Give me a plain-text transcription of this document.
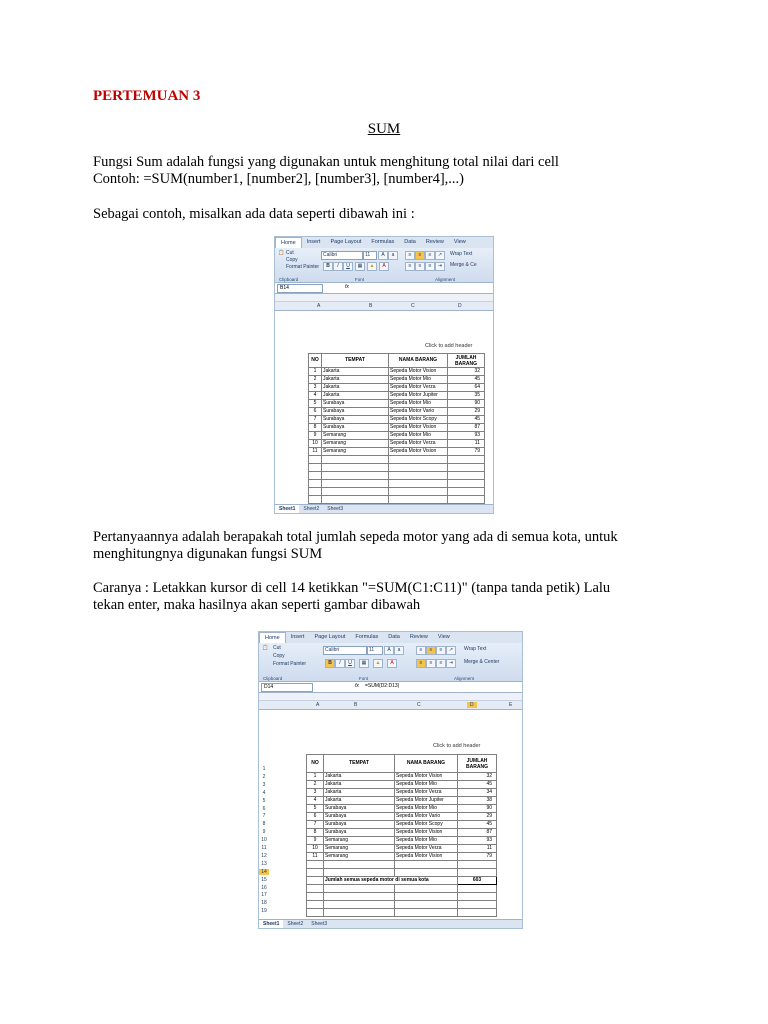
PERTEMUAN 3
SUM
Fungsi Sum adalah fungsi yang digunakan untuk menghitung total nilai dari cell
Contoh: =SUM(number1, [number2], [number3], [number4],...)
Sebagai contoh, misalkan ada data seperti dibawah ini :
Home	Insert	Page Layout	Formulas	Data	Review	View
📋 Cut
Copy
Format Painter
Clipboard
Calibri	11	A	a
B	I	U	▦	▲	A
Font
≡	≡	≡	↗
≡	≡	≡	⇥
Wrap Text
Merge & Ce
Alignment
B14	fx
A	B	C	D
Click to add header
NO	TEMPAT	NAMA BARANG	JUMLAH BARANG
1	Jakarta	Sepeda Motor Vision	32
2	Jakarta	Sepeda Motor Mio	45
3	Jakarta	Sepeda Motor Verza	64
4	Jakarta	Sepeda Motor Jupiter	35
5	Surabaya	Sepeda Motor Mio	90
6	Surabaya	Sepeda Motor Vario	29
7	Surabaya	Sepeda Motor Scopy	45
8	Surabaya	Sepeda Motor Vision	87
9	Semarang	Sepeda Motor Mio	93
10	Semarang	Sepeda Motor Verza	11
11	Semarang	Sepeda Motor Vision	79

Sheet1	Sheet2	Sheet3
Pertanyaannya adalah berapakah total jumlah sepeda motor yang ada di semua kota, untuk
menghitungnya digunakan fungsi SUM
Caranya : Letakkan kursor di cell 14 ketikkan "=SUM(C1:C11)" (tanpa tanda petik) Lalu
tekan enter, maka hasilnya akan seperti gambar dibawah
Home	Insert	Page Layout	Formulas	Data	Review	View
📋 Cut
Copy
Format Painter
Clipboard
Calibri	11	A	a
B	I	U	▦	▲	A
Font
≡	≡	≡	↗
≡	≡	≡	⇥
Wrap Text
Merge & Center
Alignment
D14	fx =SUM(D2:D13)
A	B	C	D	E
Click to add header
1
2
3
4
5
6
7
8
9
10
11
12
13
14
15
16
17
18
19
NO	TEMPAT	NAMA BARANG	JUMLAH BARANG
1	Jakarta	Sepeda Motor Vision	32
2	Jakarta	Sepeda Motor Mio	45
3	Jakarta	Sepeda Motor Verza	34
4	Jakarta	Sepeda Motor Jupiter	38
5	Surabaya	Sepeda Motor Mio	90
6	Surabaya	Sepeda Motor Vario	29
7	Surabaya	Sepeda Motor Scopy	45
8	Surabaya	Sepeda Motor Vision	87
9	Semarang	Sepeda Motor Mio	93
10	Semarang	Sepeda Motor Verza	11
11	Semarang	Sepeda Motor Vision	79

	Jumlah semua sepeda motor di semua kota		603

Sheet1	Sheet2	Sheet3
